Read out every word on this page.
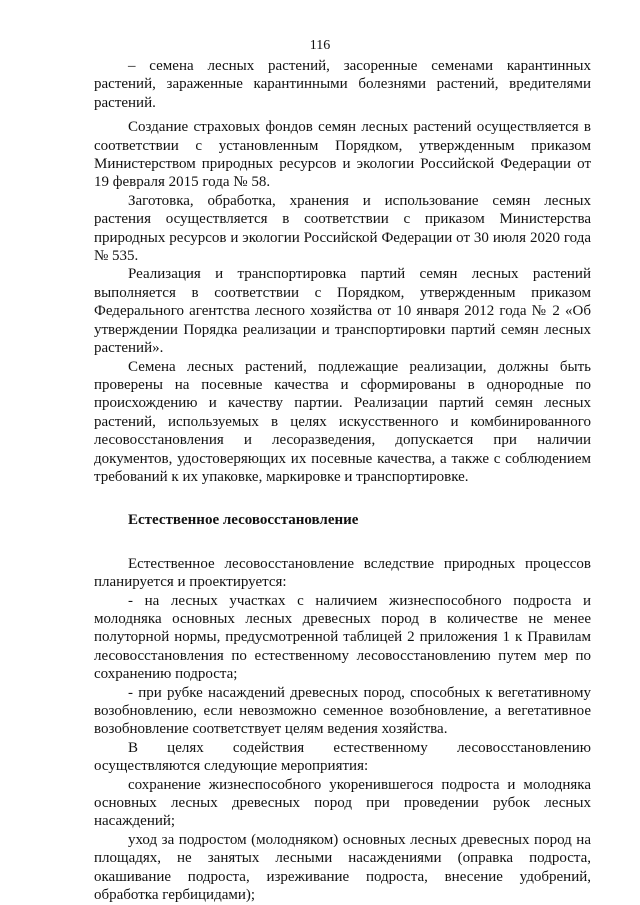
116

– семена лесных растений, засоренные семенами карантинных растений, зараженные карантинными болезнями растений, вредителями растений.

Создание страховых фондов семян лесных растений осуществляется в соответствии с установленным Порядком, утвержденным приказом Министерством природных ресурсов и экологии Российской Федерации от 19 февраля 2015 года № 58.

Заготовка, обработка, хранения и использование семян лесных растения осуществляется в соответствии с приказом Министерства природных ресурсов и экологии Российской Федерации от 30 июля 2020 года № 535.

Реализация и транспортировка партий семян лесных растений выполняется в соответствии с Порядком, утвержденным приказом Федерального агентства лесного хозяйства от 10 января 2012 года № 2 «Об утверждении Порядка реализации и транспортировки партий семян лесных растений».

Семена лесных растений, подлежащие реализации, должны быть проверены на посевные качества и сформированы в однородные по происхождению и качеству партии. Реализации партий семян лесных растений, используемых в целях искусственного и комбинированного лесовосстановления и лесоразведения, допускается при наличии документов, удостоверяющих их посевные качества, а также с соблюдением требований к их упаковке, маркировке и транспортировке.

Естественное лесовосстановление

Естественное лесовосстановление вследствие природных процессов планируется и проектируется:

- на лесных участках с наличием жизнеспособного подроста и молодняка основных лесных древесных пород в количестве не менее полуторной нормы, предусмотренной таблицей 2 приложения 1 к Правилам лесовосстановления по естественному лесовосстановлению путем мер по сохранению подроста;

- при рубке насаждений древесных пород, способных к вегетативному возобновлению, если невозможно семенное возобновление, а вегетативное возобновление соответствует целям ведения хозяйства.

В целях содействия естественному лесовосстановлению осуществляются следующие мероприятия:

сохранение жизнеспособного укоренившегося подроста и молодняка основных лесных древесных пород при проведении рубок лесных насаждений;

уход за подростом (молодняком) основных лесных древесных пород на площадях, не занятых лесными насаждениями (оправка подроста, окашивание подроста, изреживание подроста, внесение удобрений, обработка гербицидами);
